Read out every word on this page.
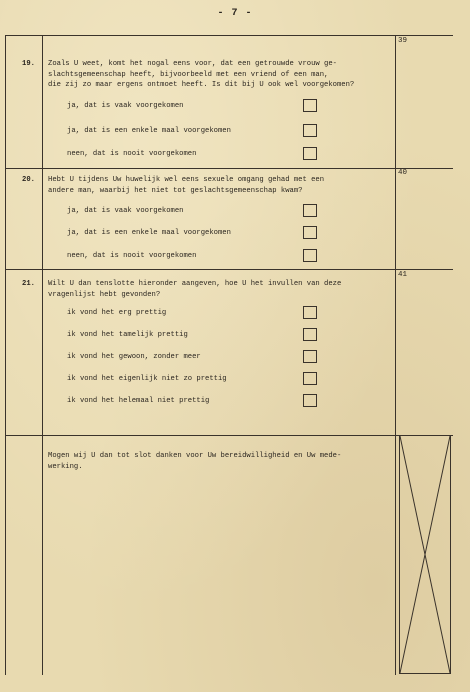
- 7 -
19. Zoals U weet, komt het nogal eens voor, dat een getrouwde vrouw ge-
slachtsgemeenschap heeft, bijvoorbeeld met een vriend of een man,
die zij zo maar ergens ontmoet heeft. Is dit bij U ook wel voorgekomen?
39
ja, dat is vaak voorgekomen
ja, dat is een enkele maal voorgekomen
neen, dat is nooit voorgekomen
20. Hebt U tijdens Uw huwelijk wel eens sexuele omgang gehad met een
andere man, waarbij het niet tot geslachtsgemeenschap kwam?
40
ja, dat is vaak voorgekomen
ja, dat is een enkele maal voorgekomen
neen, dat is nooit voorgekomen
21. Wilt U dan tenslotte hieronder aangeven, hoe U het invullen van deze
vragenlijst hebt gevonden?
41
ik vond het erg prettig
ik vond het tamelijk prettig
ik vond het gewoon, zonder meer
ik vond het eigenlijk niet zo prettig
ik vond het helemaal niet prettig
Mogen wij U dan tot slot danken voor Uw bereidwilligheid en Uw mede-
werking.
